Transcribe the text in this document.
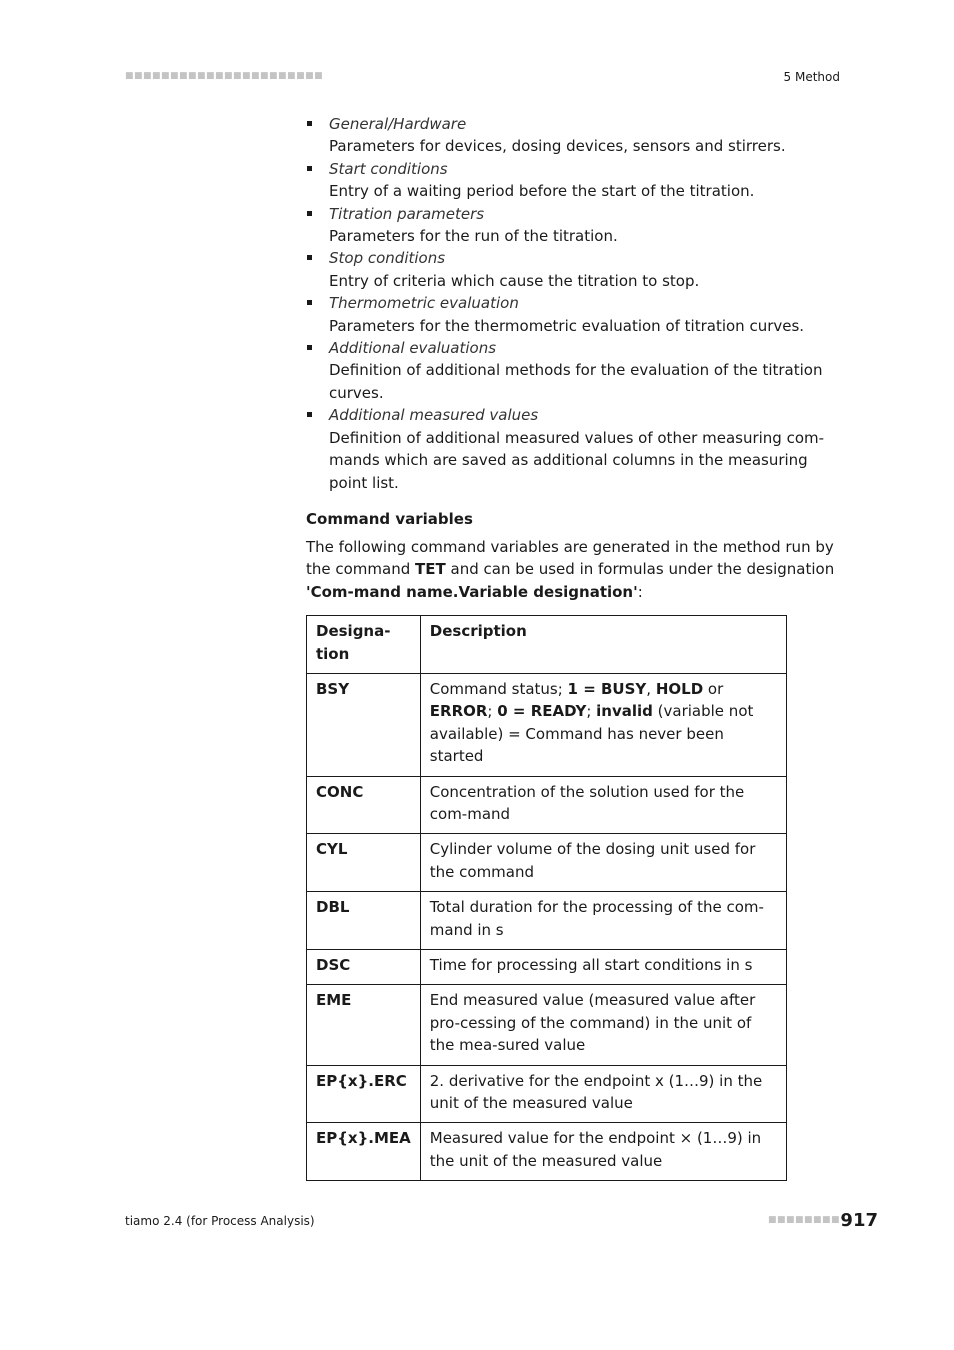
■■■■■■■■■■■■■■■■■■■■■■	5 Method
General/Hardware
Parameters for devices, dosing devices, sensors and stirrers.
Start conditions
Entry of a waiting period before the start of the titration.
Titration parameters
Parameters for the run of the titration.
Stop conditions
Entry of criteria which cause the titration to stop.
Thermometric evaluation
Parameters for the thermometric evaluation of titration curves.
Additional evaluations
Definition of additional methods for the evaluation of the titration curves.
Additional measured values
Definition of additional measured values of other measuring com-mands which are saved as additional columns in the measuring point list.
Command variables

The following command variables are generated in the method run by the command TET and can be used in formulas under the designation 'Com-mand name.Variable designation':

Designa-tion	Description
BSY	Command status; 1 = BUSY, HOLD or ERROR; 0 = READY; invalid (variable not available) = Command has never been started
CONC	Concentration of the solution used for the com-mand
CYL	Cylinder volume of the dosing unit used for the command
DBL	Total duration for the processing of the com-mand in s
DSC	Time for processing all start conditions in s
EME	End measured value (measured value after pro-cessing of the command) in the unit of the mea-sured value
EP{x}.ERC	2. derivative for the endpoint x (1…9) in the unit of the measured value
EP{x}.MEA	Measured value for the endpoint × (1…9) in the unit of the measured value
tiamo 2.4 (for Process Analysis)	■■■■■■■■ 917
